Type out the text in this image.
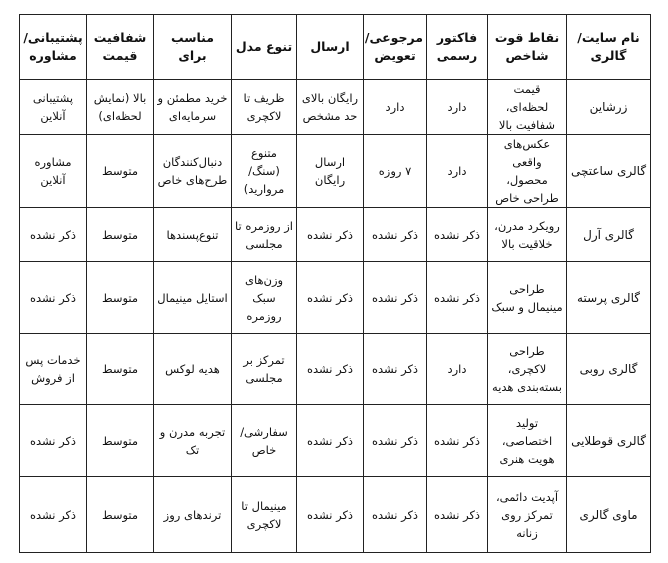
نام سایت/گالری	نقاط قوت شاخص	فاکتور رسمی	مرجوعی/تعویض	ارسال	تنوع مدل	مناسب برای	شفافیت قیمت	پشتیبانی/مشاوره
زرشاین	قیمت لحظه‌ای، شفافیت بالا	دارد	دارد	رایگان بالای حد مشخص	ظریف تا لاکچری	خرید مطمئن و سرمایه‌ای	بالا (نمایش لحظه‌ای)	پشتیبانی آنلاین
گالری ساعتچی	عکس‌های واقعی محصول، طراحی خاص	دارد	۷ روزه	ارسال رایگان	متنوع (سنگ/مروارید)	دنبال‌کنندگان طرح‌های خاص	متوسط	مشاوره آنلاین
گالری آرل	رویکرد مدرن، خلاقیت بالا	ذکر نشده	ذکر نشده	ذکر نشده	از روزمره تا مجلسی	تنوع‌پسندها	متوسط	ذکر نشده
گالری پرسته	طراحی مینیمال و سبک	ذکر نشده	ذکر نشده	ذکر نشده	وزن‌های سبک روزمره	استایل مینیمال	متوسط	ذکر نشده
گالری روبی	طراحی لاکچری، بسته‌بندی هدیه	دارد	ذکر نشده	ذکر نشده	تمرکز بر مجلسی	هدیه لوکس	متوسط	خدمات پس از فروش
گالری قوطلایی	تولید اختصاصی، هویت هنری	ذکر نشده	ذکر نشده	ذکر نشده	سفارشی/خاص	تجربه مدرن و تک	متوسط	ذکر نشده
ماوی گالری	آپدیت دائمی، تمرکز روی زنانه	ذکر نشده	ذکر نشده	ذکر نشده	مینیمال تا لاکچری	ترندهای روز	متوسط	ذکر نشده
